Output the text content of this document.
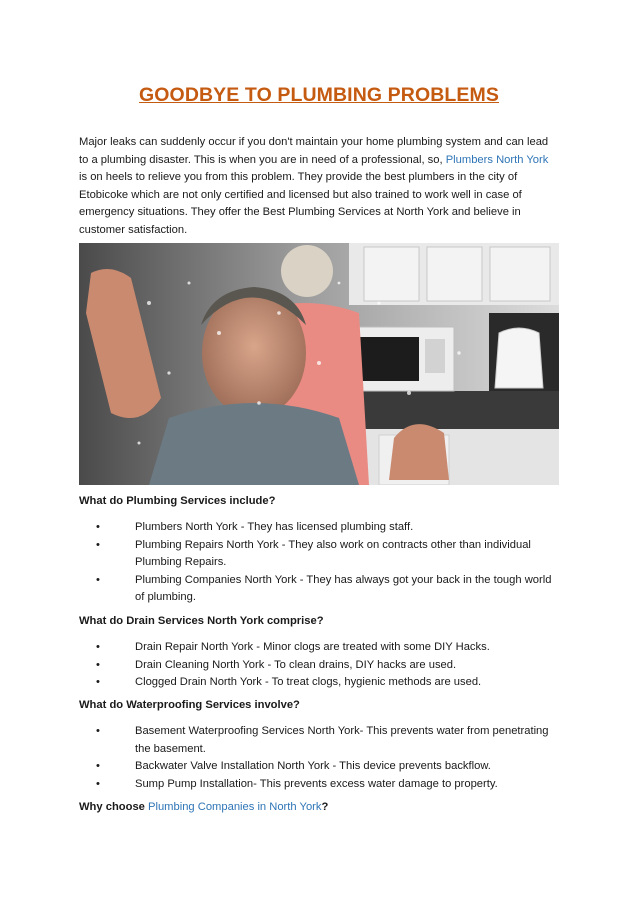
GOODBYE TO PLUMBING PROBLEMS

Major leaks can suddenly occur if you don't maintain your home plumbing system and can lead to a plumbing disaster. This is when you are in need of a professional, so, Plumbers North York is on heels to relieve you from this problem. They provide the best plumbers in the city of Etobicoke which are not only certified and licensed but also trained to work well in case of emergency situations. They offer the Best Plumbing Services at North York and believe in customer satisfaction.

What do Plumbing Services include?

•	Plumbers North York - They has licensed plumbing staff.
•	Plumbing Repairs North York - They also work on contracts other than individual Plumbing Repairs.
•	Plumbing Companies North York - They has always got your back in the tough world of plumbing.

What do Drain Services North York comprise?

•	Drain Repair North York - Minor clogs are treated with some DIY Hacks.
•	Drain Cleaning North York - To clean drains, DIY hacks are used.
•	Clogged Drain North York - To treat clogs, hygienic methods are used.

What do Waterproofing Services involve?

•	Basement Waterproofing Services North York- This prevents water from penetrating the basement.
•	Backwater Valve Installation North York - This device prevents backflow.
•	Sump Pump Installation- This prevents excess water damage to property.

Why choose Plumbing Companies in North York?
